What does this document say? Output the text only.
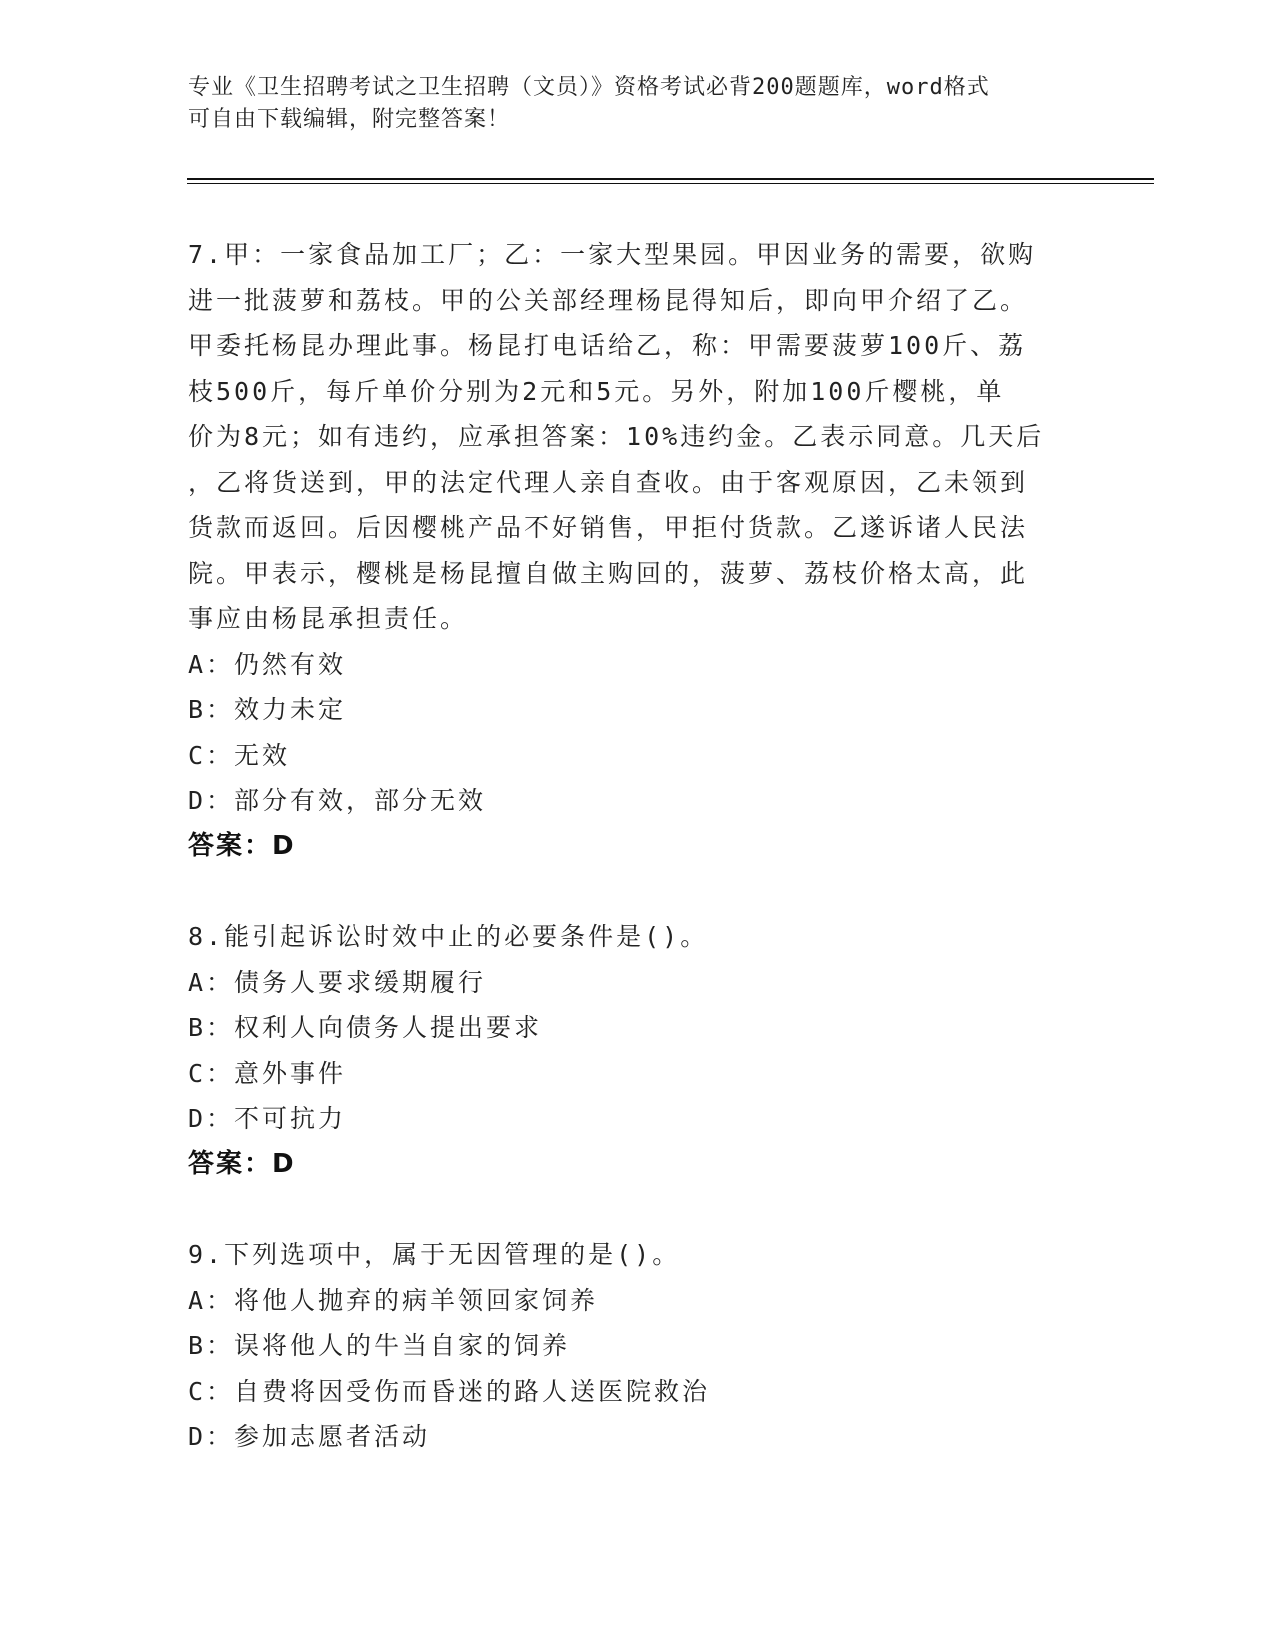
专业《卫生招聘考试之卫生招聘（文员）》资格考试必背200题题库，word格式
可自由下载编辑，附完整答案！
7.甲：一家食品加工厂；乙：一家大型果园。甲因业务的需要，欲购
进一批菠萝和荔枝。甲的公关部经理杨昆得知后，即向甲介绍了乙。
甲委托杨昆办理此事。杨昆打电话给乙，称：甲需要菠萝100斤、荔
枝500斤，每斤单价分别为2元和5元。另外，附加100斤樱桃，单
价为8元；如有违约，应承担答案：10%违约金。乙表示同意。几天后
，乙将货送到，甲的法定代理人亲自查收。由于客观原因，乙未领到
货款而返回。后因樱桃产品不好销售，甲拒付货款。乙遂诉诸人民法
院。甲表示，樱桃是杨昆擅自做主购回的，菠萝、荔枝价格太高，此
事应由杨昆承担责任。
A：仍然有效
B：效力未定
C：无效
D：部分有效，部分无效
答案：D
8.能引起诉讼时效中止的必要条件是()。
A：债务人要求缓期履行
B：权利人向债务人提出要求
C：意外事件
D：不可抗力
答案：D
9.下列选项中，属于无因管理的是()。
A：将他人抛弃的病羊领回家饲养
B：误将他人的牛当自家的饲养
C：自费将因受伤而昏迷的路人送医院救治
D：参加志愿者活动
